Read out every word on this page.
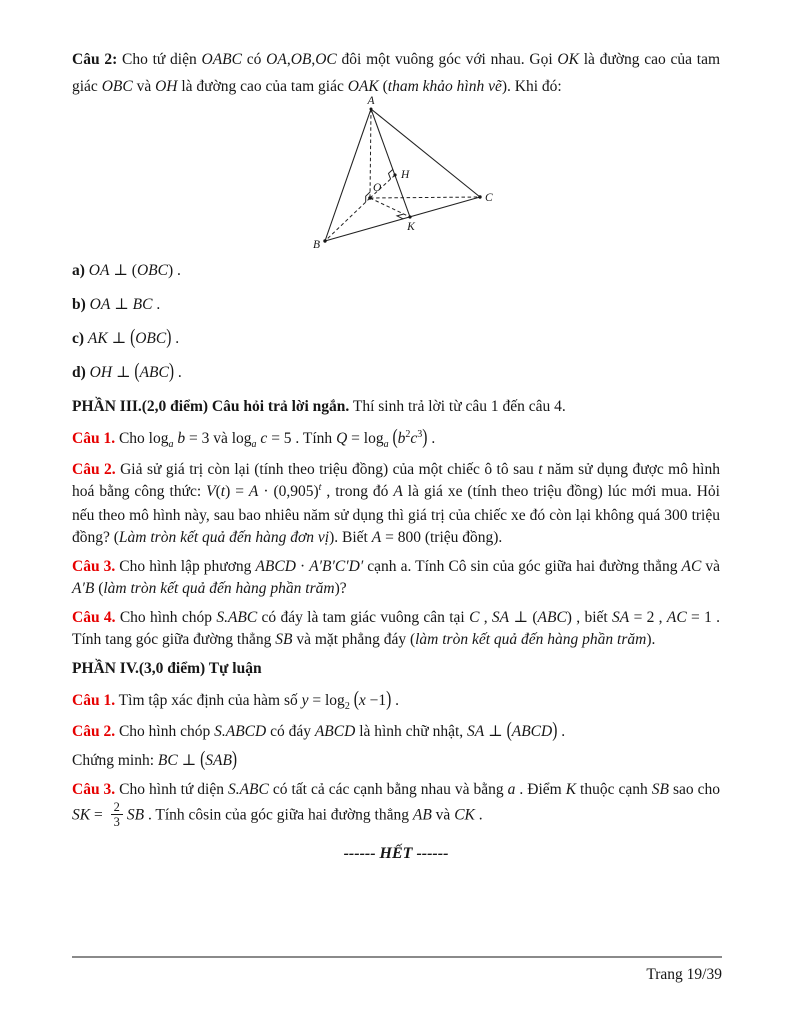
Câu 2: Cho tứ diện OABC có OA,OB,OC đôi một vuông góc với nhau. Gọi OK là đường cao của tam giác OBC và OH là đường cao của tam giác OAK (tham khảo hình vẽ). Khi đó:

A
B
C
O
H
K

a) OA ⊥ (OBC) .

b) OA ⊥ BC .

c) AK ⊥ (OBC) .

d) OH ⊥ (ABC) .

PHẦN III.(2,0 điểm) Câu hỏi trả lời ngắn. Thí sinh trả lời từ câu 1 đến câu 4.

Câu 1. Cho $\log_a b = 3$ và $\log_a c = 5$ . Tính $Q = \log_a (b^2c^3)$ .

Câu 2. Giả sử giá trị còn lại (tính theo triệu đồng) của một chiếc ô tô sau t năm sử dụng được mô hình hoá bằng công thức: $V(t) = A \cdot (0,905)^t$ , trong đó A là giá xe (tính theo triệu đồng) lúc mới mua. Hỏi nếu theo mô hình này, sau bao nhiêu năm sử dụng thì giá trị của chiếc xe đó còn lại không quá 300 triệu đồng? (Làm tròn kết quả đến hàng đơn vị). Biết A = 800 (triệu đồng).

Câu 3. Cho hình lập phương ABCD · A′B′C′D′ cạnh a. Tính Cô sin của góc giữa hai đường thẳng AC và A′B (làm tròn kết quả đến hàng phần trăm)?

Câu 4. Cho hình chóp S.ABC có đáy là tam giác vuông cân tại C , SA ⊥ (ABC) , biết SA = 2 , AC = 1 . Tính tang góc giữa đường thẳng SB và mặt phẳng đáy (làm tròn kết quả đến hàng phần trăm).

PHẦN IV.(3,0 điểm) Tự luận

Câu 1. Tìm tập xác định của hàm số $y = \log_2 (x -1)$ .

Câu 2. Cho hình chóp S.ABCD có đáy ABCD là hình chữ nhật, SA ⊥ (ABCD) .

Chứng minh: BC ⊥ (SAB)

Câu 3. Cho hình tứ diện S.ABC có tất cả các cạnh bằng nhau và bằng a . Điểm K thuộc cạnh SB sao cho SK = $\frac{2}{3}$ SB . Tính côsin của góc giữa hai đường thẳng AB và CK .

------ HẾT ------

Trang 19/39
